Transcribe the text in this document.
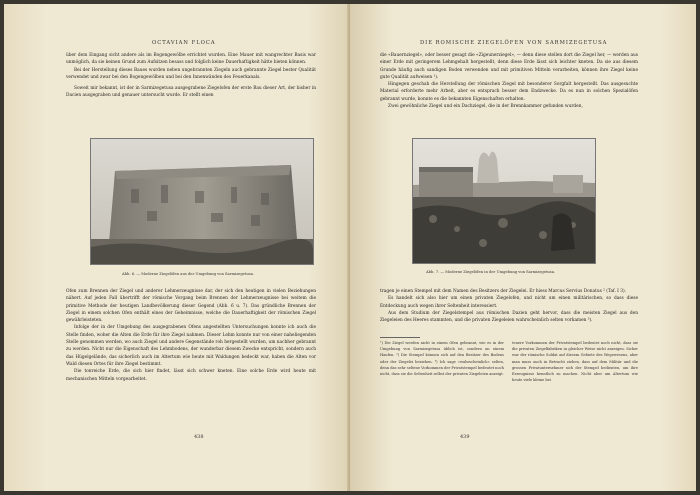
OCTAVIAN FLOCA

über dem Eingang sicht andere als im Bogengewölbe errichtet wurden. Eine Mauer mit wangrechter Basis war unmöglich, da sie keinen Grund zum Aufsitzen besass und folglich keine Dauerhaftigkeit hätte bieten können.

Bei der Herstellung dieses Baues wurden neben ungebrannten Ziegeln auch gebrannte Ziegel bester Qualität verwendet und zwar bei den Bogengewölben und bei den Innenwänden des Feuerkanals.

Soweit mir bekannt, ist der in Sarmizegetusa ausgegrabene Ziegelofen der erste Bau dieser Art, der bisher in Dacien ausgegraben und genauer untersucht wurde. Er stellt einen

Abb. 6. — Moderne Ziegelöfen aus der Umgebung von Sarmizegetusa.

Ofen zum Brennen der Ziegel und anderer Lehmerzeugnisse dar, der sich den heutigen in vielen Beziehungen nähert. Auf jeden Fall übertrifft der römische Vorgang beim Brennen der Lehmerzeugnisse bei weitem die primitive Methode der heutigen Landbevölkerung dieser Gegend (Abb. 6 u. 7). Das gründliche Brennen der Ziegel in einem solchen Ofen enthält eines der Geheimnisse, welche die Dauerhaftigkeit der römischen Ziegel gewährleisteten.

Infolge der in der Umgebung des ausgegrabenen Ofens angestellten Untersuchungen konnte ich auch die Stelle finden, woher die Alten die Erde für ihre Ziegel nahmen. Dieser Lehm konnte nur von einer naheliegenden Stelle genommen werden, wo auch Ziegel und andere Gegenstände roh hergestellt wurden, um nachher gebrannt zu werden. Nicht nur die Eigenschaft des Lehmbodens, der wunderbar diesem Zwecke entspricht, sondern auch das Hügelgelände, das sicherlich auch im Altertum wie heute mit Waldungen bedeckt war, haben die Alten vor Wald diesen Ortes für ihre Ziegel bestimmt.

Die tonreiche Erde, die sich hier findet, lässt sich schwer kneten. Eine solche Erde wird heute mit mechanischen Mitteln vorgearbeitet.

438
DIE ROMISCHE ZIEGELÖFEN VON SARMIZEGETUSA

die «Bauernziegel», oder besser gesagt die «Zigeunerziegel», — denn diese stellen dort die Ziegel her, — werden aus einer Erde mit geringerem Lehmgehalt hergestellt, denn diese Erde lässt sich leichter kneten. Da sie aus diesem Grunde häufig auch sandigen Boden verwenden und mit primitiven Mitteln verarbeiten, können ihre Ziegel keine gute Qualität aufweisen ¹).

Hingegen geschah die Herstellung der römischen Ziegel mit besonderer Sorgfalt hergestellt. Das ausgesuchte Material erforderte mehr Arbeit, aber es entsprach besser dem Endzwecke. Da es nun in solchen Spezialöfen gebrannt wurde, konnte es die bekannten Eigenschaften erhalten.

Zwei gewöhnliche Ziegel und ein Dachziegel, die in der Brennkammer gefunden wurden,

Abb. 7. — Moderne Ziegelöfen in der Umgebung von Sarmizegetusa.

tragen je einen Stempel mit dem Namen des Besitzers der Ziegelei. Er hiess Marcus Servius Donatus ² (Taf. I 3).

Es handelt sich also hier um einen privaten Ziegelofen, und nicht um einen militärischen, so dass diese Entdeckung auch wegen ihrer Seltenheit interessiert.

Aus dem Studium der Ziegelstempel aus römischen Dazien geht hervor, dass die meisten Ziegel aus den Ziegeleien des Heeres stammten, und die privaten Ziegeleien wahrscheinlich selten vorkamen ³).

¹) Die Ziegel werden nicht in einem Ofen gebrannt, wie es in der Umgebung von Sarmizegetusa üblich ist, sondern an einem Haufen. ²) Die Stempel können sich auf den Besitzer des Bodens oder der Ziegelei beziehen. ³) Ich sage «wahrscheinlich» selten, denn das sehr seltene Vorkommen der Privatstempel bedeutet noch nicht, dass sie die Seltenheit selbst der privaten Ziegeleien anzeigt.

teuere Vorkommen der Privatstempel bedeutet noch nicht, dass sie die privaten Ziegelfabriken in gleicher Weise nicht anzeigen. Sicher war der römische Soldat auf diesem Gebiete des Wegewesens, aber man muss auch in Betracht ziehen, dass auf dem Militär und die grossen Privatunternehmer sich der Stempel bedienten, um ihre Erzeugnisse kenntlich zu machen. Nicht aber um Altertum wie heute viele kleine bei

439
